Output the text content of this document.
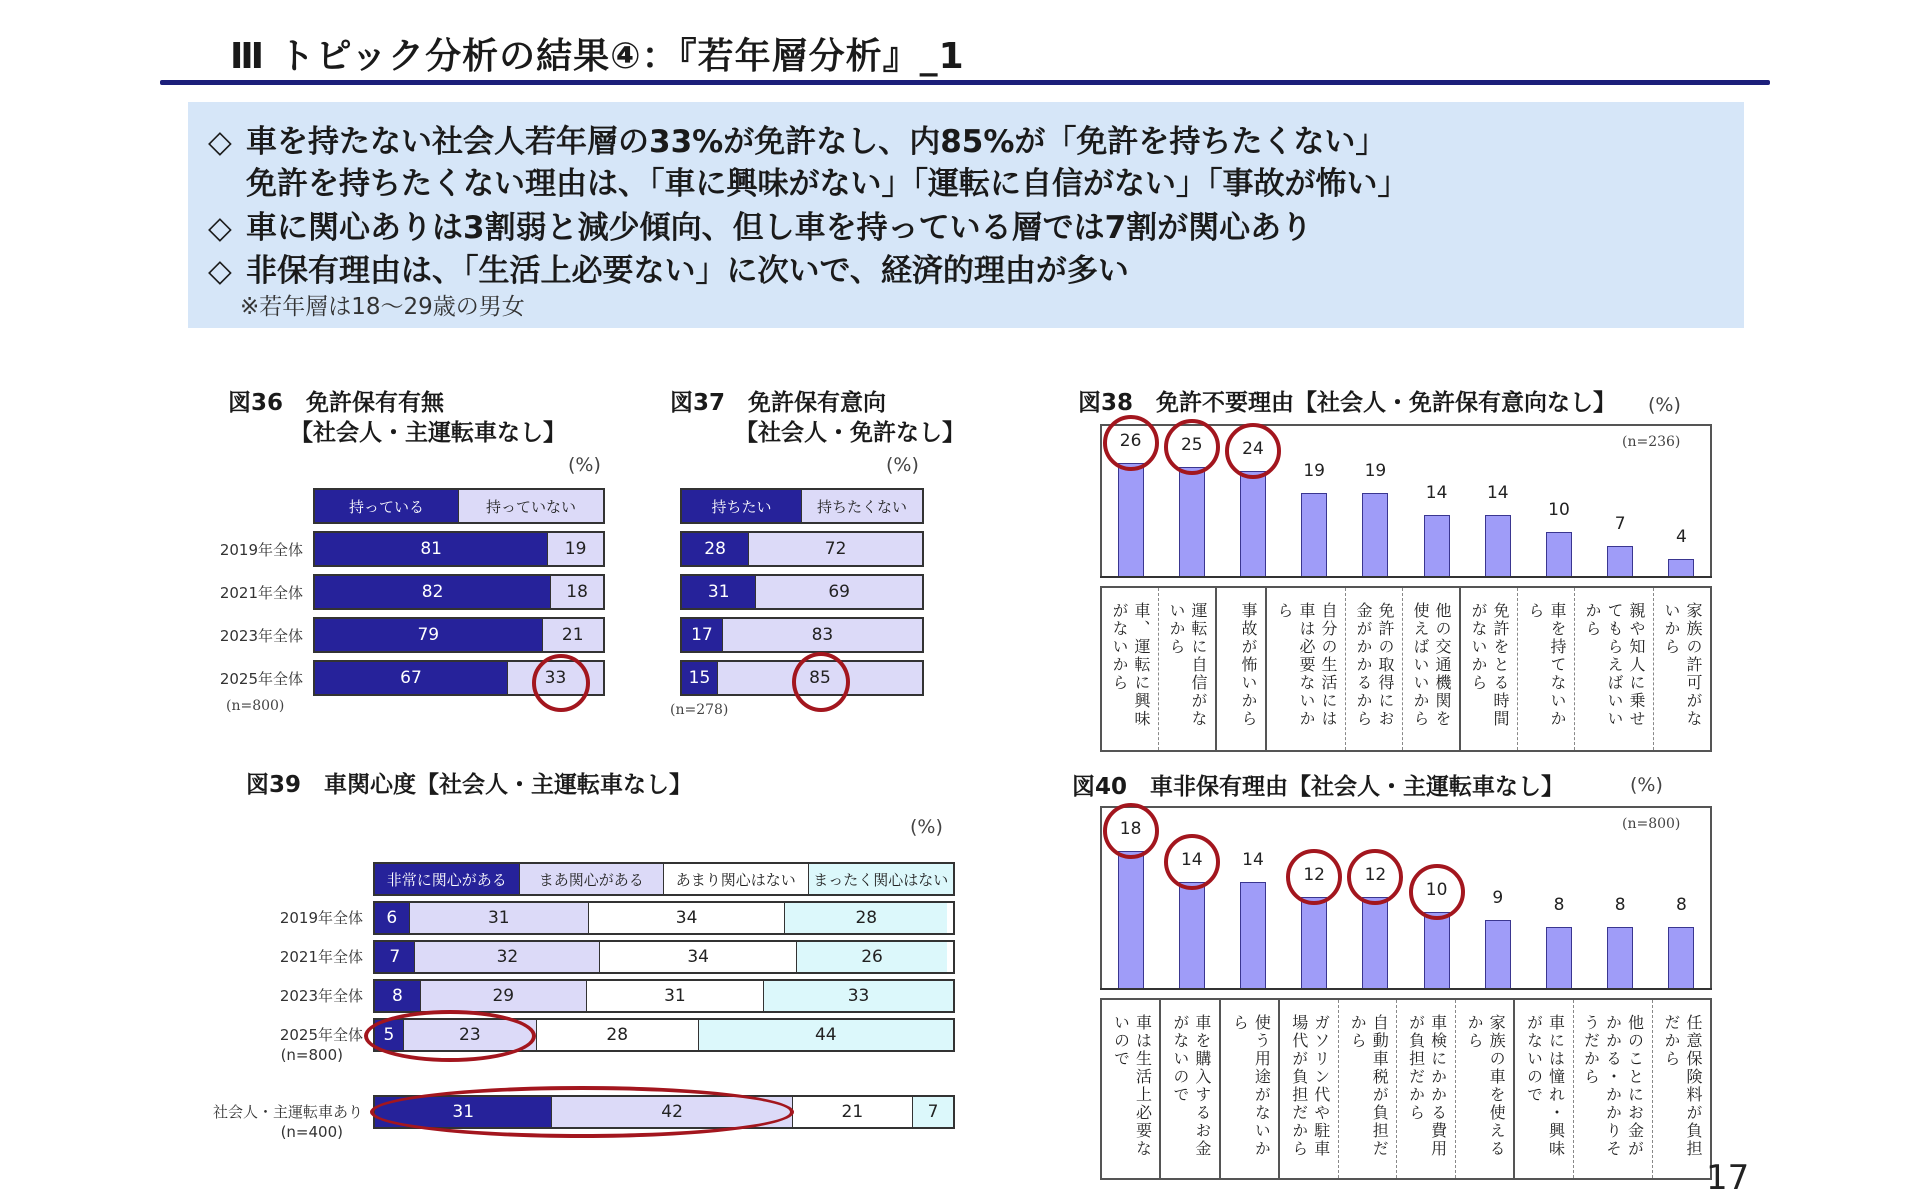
Ⅲ トピック分析の結果④：『若年層分析』_1
◇ 車を持たない社会人若年層の33%が免許なし、内85%が「免許を持ちたくない」
免許を持ちたくない理由は、「車に興味がない」「運転に自信がない」「事故が怖い」
◇ 車に関心ありは3割弱と減少傾向、但し車を持っている層では7割が関心あり
◇ 非保有理由は、「生活上必要ない」に次いで、経済的理由が多い
※若年層は18〜29歳の男女
図36　免許保有有無
【社会人・主運転車なし】
(%)
持っている	持っていない
81	19
2019年全体
82	18
2021年全体
79	21
2023年全体
67	33
2025年全体
(n=800)
図37　免許保有意向
【社会人・免許なし】
(%)
持ちたい	持ちたくない
28	72
31	69
17	83
15	85
(n=278)
図38　免許不要理由【社会人・免許保有意向なし】 (%)
(n=236)
26	25	24
19	19
14	14
10
7
4
車、運転に興味がないから	運転に自信がないから	事故が怖いから	自分の生活には車は必要ないから	免許の取得にお金がかかるから	他の交通機関を使えばいいから	免許をとる時間がないから	車を持てないから	親や知人に乗せてもらえばいいから	家族の許可がないから
図39　車関心度【社会人・主運転車なし】
(%)
非常に関心がある	まあ関心がある	あまり関心はない	まったく関心はない
6	31	34	28
2019年全体
7	32	34	26
2021年全体
8	29	31	33
2023年全体
5	23	28	44
2025年全体
(n=800)
31	42	21	7
社会人・主運転車あり
(n=400)
図40　車非保有理由【社会人・主運転車なし】	(%)
(n=800)
18
14	14
12	12
10	9	8	8	8
車は生活上必要ないので	車を購入するお金がないので	使う用途がないから	ガソリン代や駐車場代が負担だから	自動車税が負担だから	車検にかかる費用が負担だから	家族の車を使えるから	車には憧れ・興味がないので	他のことにお金がかかる・かかりそうだから	任意保険料が負担だから
17
